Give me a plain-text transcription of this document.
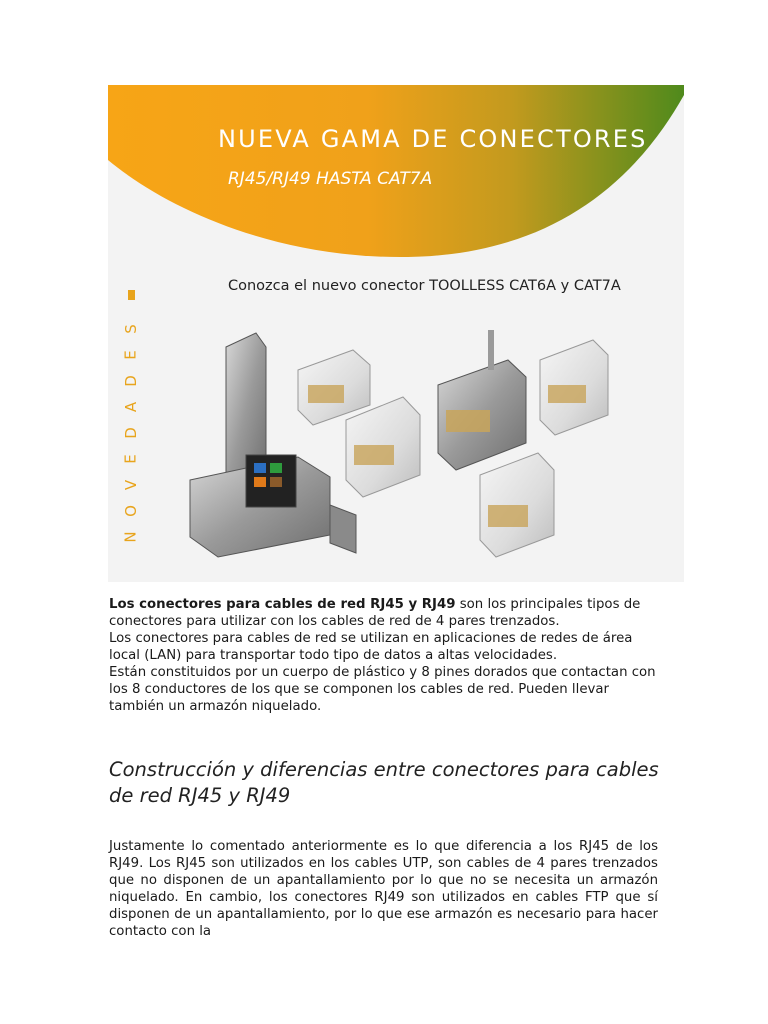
NUEVA GAMA DE CONECTORES
RJ45/RJ49 HASTA CAT7A
Conozca el nuevo conector TOOLLESS CAT6A y CAT7A
S
E
D
A
D
E
V
O
N

Los conectores para cables de red RJ45 y RJ49 son los principales tipos de conectores para utilizar con los cables de red de 4 pares trenzados.
Los conectores para cables de red se utilizan en aplicaciones de redes de área local (LAN) para transportar todo tipo de datos a altas velocidades.
Están constituidos por un cuerpo de plástico y 8 pines dorados que contactan con los 8 conductores de los que se componen los cables de red. Pueden llevar también un armazón niquelado.

Construcción y diferencias entre conectores para cables de red RJ45 y RJ49

Justamente lo comentado anteriormente es lo que diferencia a los RJ45 de los RJ49. Los RJ45 son utilizados en los cables UTP, son cables de 4 pares trenzados que no disponen de un apantallamiento por lo que no se necesita un armazón niquelado. En cambio, los conectores RJ49 son utilizados en cables FTP que sí disponen de un apantallamiento, por lo que ese armazón es necesario para hacer contacto con la
